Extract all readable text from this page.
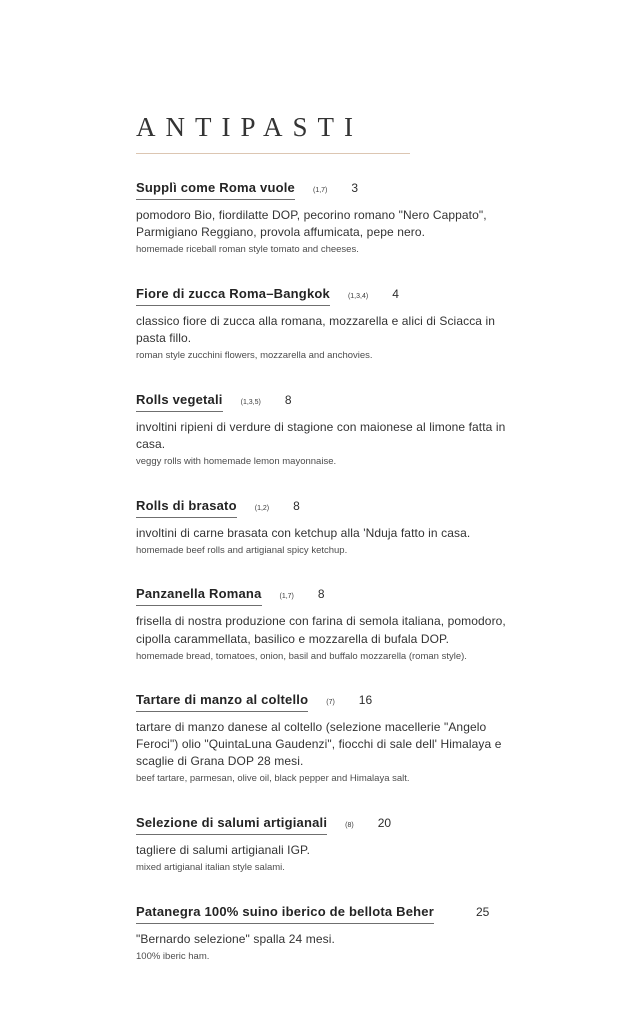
ANTIPASTI
Supplì come Roma vuole	(1,7) 3
pomodoro Bio, fiordilatte DOP, pecorino romano "Nero Cappato", Parmigiano Reggiano, provola affumicata, pepe nero.
homemade riceball roman style tomato and cheeses.
Fiore di zucca Roma–Bangkok	(1,3,4) 4
classico fiore di zucca alla romana, mozzarella e alici di Sciacca in pasta fillo.
roman style zucchini flowers, mozzarella and anchovies.
Rolls vegetali	(1,3,5) 8
involtini ripieni di verdure di stagione con maionese al limone fatta in casa.
veggy rolls with homemade lemon mayonnaise.
Rolls di brasato	(1,2) 8
involtini di carne brasata con ketchup alla 'Nduja fatto in casa.
homemade beef rolls and artigianal spicy ketchup.
Panzanella Romana	(1,7) 8
frisella di nostra produzione con farina di semola italiana, pomodoro, cipolla carammellata, basilico e mozzarella di bufala DOP.
homemade bread, tomatoes, onion, basil and buffalo mozzarella (roman style).
Tartare di manzo al coltello	(7) 16
tartare di manzo danese al coltello (selezione macellerie "Angelo Feroci") olio "QuintaLuna Gaudenzi", fiocchi di sale dell' Himalaya e scaglie di Grana DOP 28 mesi.
beef tartare, parmesan, olive oil, black pepper and Himalaya salt.
Selezione di salumi artigianali	(8) 20
tagliere di salumi artigianali IGP.
mixed artigianal italian style salami.
Patanegra 100% suino iberico de bellota Beher	25
"Bernardo selezione" spalla 24 mesi.
100% iberic ham.
